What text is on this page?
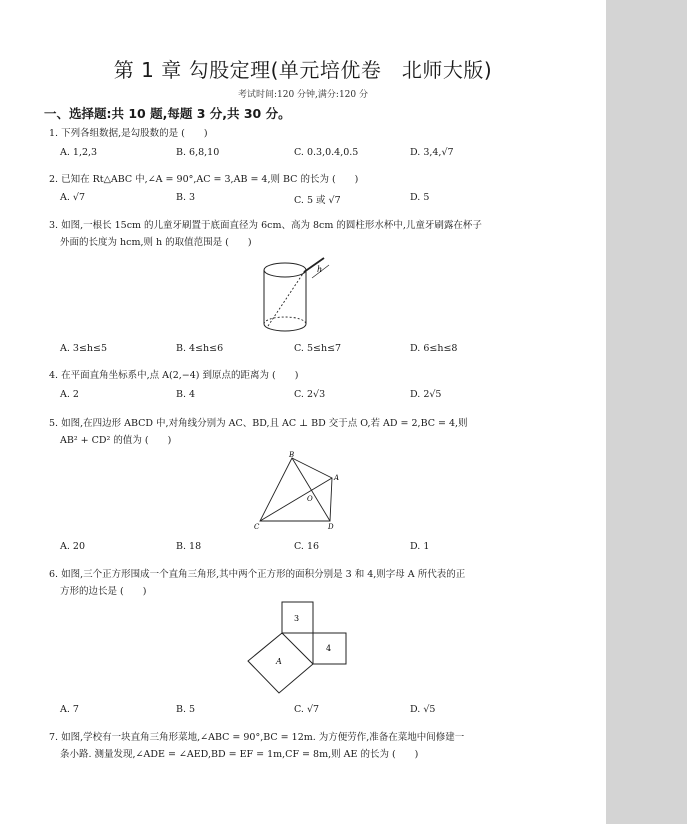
第 1 章 勾股定理(单元培优卷　北师大版)
考试时间:120 分钟,满分:120 分
一、选择题:共 10 题,每题 3 分,共 30 分。
1. 下列各组数据,是勾股数的是 (　　)
A. 1,2,3	B. 6,8,10	C. 0.3,0.4,0.5	D. 3,4,√7
2. 已知在 Rt△ABC 中,∠A = 90°,AC = 3,AB = 4,则 BC 的长为 (　　)
A. √7	B. 3	C. 5 或 √7	D. 5
3. 如图,一根长 15cm 的儿童牙刷置于底面直径为 6cm、高为 8cm 的圆柱形水杯中,儿童牙刷露在杯子
外面的长度为 hcm,则 h 的取值范围是 (　　)
h
A. 3≤h≤5	B. 4≤h≤6	C. 5≤h≤7	D. 6≤h≤8
4. 在平面直角坐标系中,点 A(2,−4) 到原点的距离为 (　　)
A. 2	B. 4	C. 2√3	D. 2√5
5. 如图,在四边形 ABCD 中,对角线分别为 AC、BD,且 AC ⊥ BD 交于点 O,若 AD = 2,BC = 4,则
AB² + CD² 的值为 (　　)
B
A
O
C	D
A. 20	B. 18	C. 16	D. 1
6. 如图,三个正方形围成一个直角三角形,其中两个正方形的面积分别是 3 和 4,则字母 A 所代表的正
方形的边长是 (　　)
3
4
A
A. 7	B. 5	C. √7	D. √5
7. 如图,学校有一块直角三角形菜地,∠ABC = 90°,BC = 12m. 为方便劳作,准备在菜地中间修建一
条小路. 测量发现,∠ADE = ∠AED,BD = EF = 1m,CF = 8m,则 AE 的长为 (　　)
